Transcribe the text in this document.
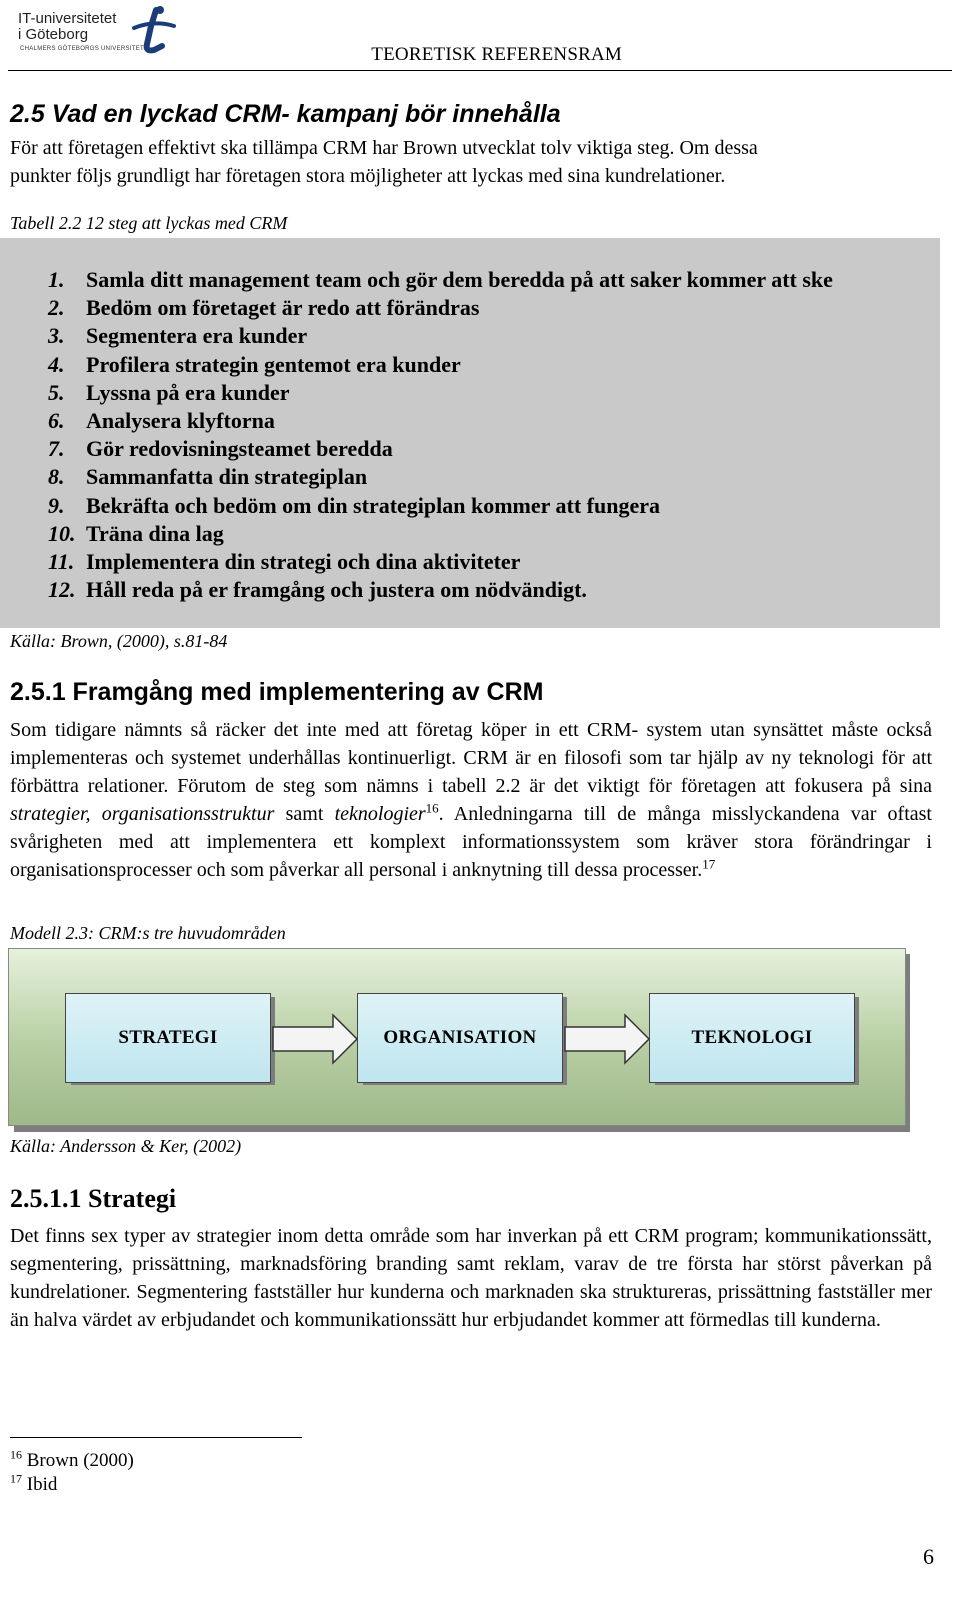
IT-universitetet
i Göteborg
CHALMERS GÖTEBORGS UNIVERSITET	TEORETISK REFERENSRAM
2.5 Vad en lyckad CRM- kampanj bör innehålla
För att företagen effektivt ska tillämpa CRM har Brown utvecklat tolv viktiga steg. Om dessa
punkter följs grundligt har företagen stora möjligheter att lyckas med sina kundrelationer.
Tabell 2.2 12 steg att lyckas med CRM
1. Samla ditt management team och gör dem beredda på att saker kommer att ske
2. Bedöm om företaget är redo att förändras
3. Segmentera era kunder
4. Profilera strategin gentemot era kunder
5. Lyssna på era kunder
6. Analysera klyftorna
7. Gör redovisningsteamet beredda
8. Sammanfatta din strategiplan
9. Bekräfta och bedöm om din strategiplan kommer att fungera
10. Träna dina lag
11. Implementera din strategi och dina aktiviteter
12. Håll reda på er framgång och justera om nödvändigt.
Källa: Brown, (2000), s.81-84
2.5.1 Framgång med implementering av CRM
Som tidigare nämnts så räcker det inte med att företag köper in ett CRM- system utan synsättet måste också implementeras och systemet underhållas kontinuerligt. CRM är en filosofi som tar hjälp av ny teknologi för att förbättra relationer. Förutom de steg som nämns i tabell 2.2 är det viktigt för företagen att fokusera på sina strategier, organisationsstruktur samt teknologier$^{16}$. Anledningarna till de många misslyckandena var oftast svårigheten med att implementera ett komplext informationssystem som kräver stora förändringar i organisationsprocesser och som påverkar all personal i anknytning till dessa processer.$^{17}$
Modell 2.3: CRM:s tre huvudområden
STRATEGI	ORGANISATION	TEKNOLOGI
Källa: Andersson & Ker, (2002)
2.5.1.1 Strategi
Det finns sex typer av strategier inom detta område som har inverkan på ett CRM program; kommunikationssätt, segmentering, prissättning, marknadsföring branding samt reklam, varav de tre första har störst påverkan på kundrelationer. Segmentering fastställer hur kunderna och marknaden ska struktureras, prissättning fastställer mer än halva värdet av erbjudandet och kommunikationssätt hur erbjudandet kommer att förmedlas till kunderna.
$^{16}$ Brown (2000)
$^{17}$ Ibid
6
